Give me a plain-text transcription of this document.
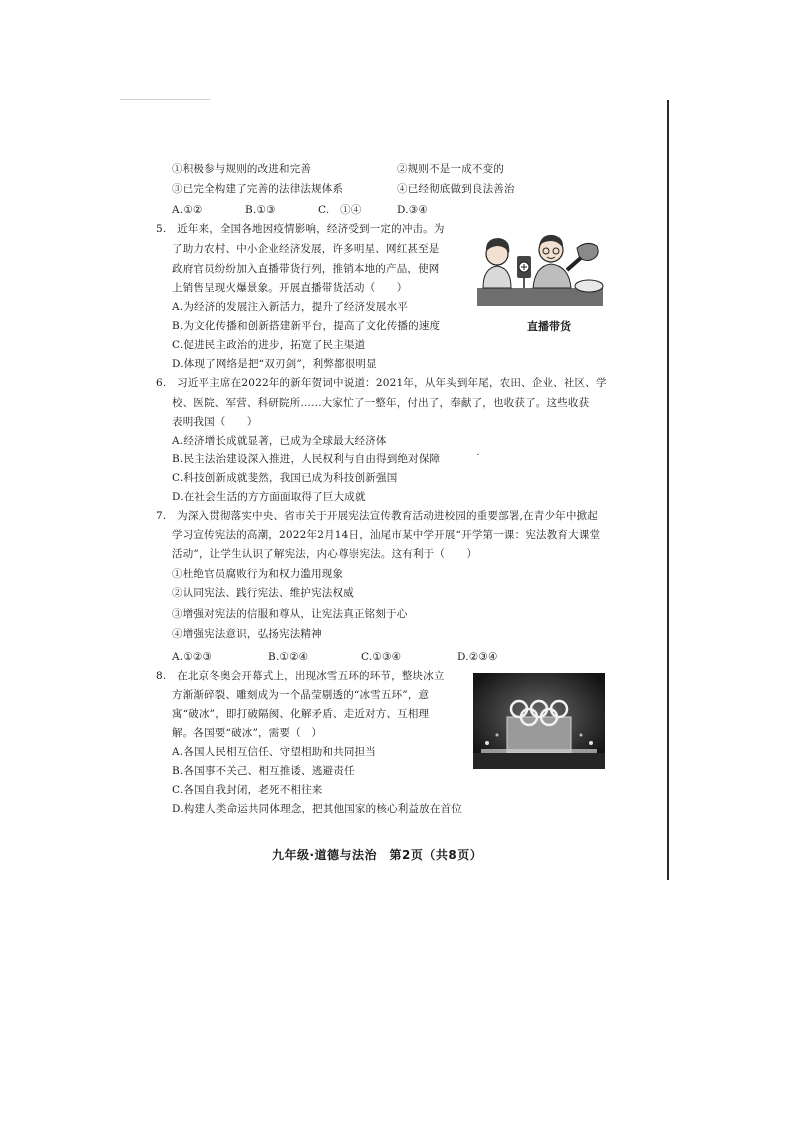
①积极参与规则的改进和完善	②规则不是一成不变的
③已完全构建了完善的法律法规体系	④已经彻底做到良法善治
A.①②	B.①③	C.　①④	D.③④
5.　近年来，全国各地因疫情影响，经济受到一定的冲击。为
了助力农村、中小企业经济发展，许多明星、网红甚至是
政府官员纷纷加入直播带货行列，推销本地的产品，使网
上销售呈现火爆景象。开展直播带货活动（　　）
A.为经济的发展注入新活力，提升了经济发展水平
B.为文化传播和创新搭建新平台，提高了文化传播的速度
C.促进民主政治的进步，拓宽了民主渠道
D.体现了网络是把“双刃剑”，利弊都很明显
直播带货
6.　习近平主席在2022年的新年贺词中说道：2021年，从年头到年尾，农田、企业、社区、学
校、医院、军营、科研院所……大家忙了一整年，付出了，奉献了，也收获了。这些收获
表明我国（　　）
A.经济增长成就显著，已成为全球最大经济体
B.民主法治建设深入推进，人民权利与自由得到绝对保障
C.科技创新成就斐然，我国已成为科技创新强国
D.在社会生活的方方面面取得了巨大成就
7.　为深入贯彻落实中央、省市关于开展宪法宣传教育活动进校园的重要部署,在青少年中掀起
学习宣传宪法的高潮，2022年2月14日，汕尾市某中学开展“开学第一课：宪法教育大课堂
活动”，让学生认识了解宪法，内心尊崇宪法。这有利于（　　）
①杜绝官员腐败行为和权力滥用现象
②认同宪法、践行宪法、维护宪法权威
③增强对宪法的信服和尊从，让宪法真正铭刻于心
④增强宪法意识，弘扬宪法精神
A.①②③	B.①②④	C.①③④	D.②③④
8.　在北京冬奥会开幕式上，出现冰雪五环的环节，整块冰立
方渐渐碎裂、雕刻成为一个晶莹剔透的“冰雪五环”，意
寓“破冰”，即打破隔阂、化解矛盾、走近对方、互相理
解。各国要“破冰”，需要（　）
A.各国人民相互信任、守望相助和共同担当
B.各国事不关己、相互推诿、逃避责任
C.各国自我封闭，老死不相往来
D.构建人类命运共同体理念，把其他国家的核心利益放在首位
九年级·道德与法治　第2页（共8页）
